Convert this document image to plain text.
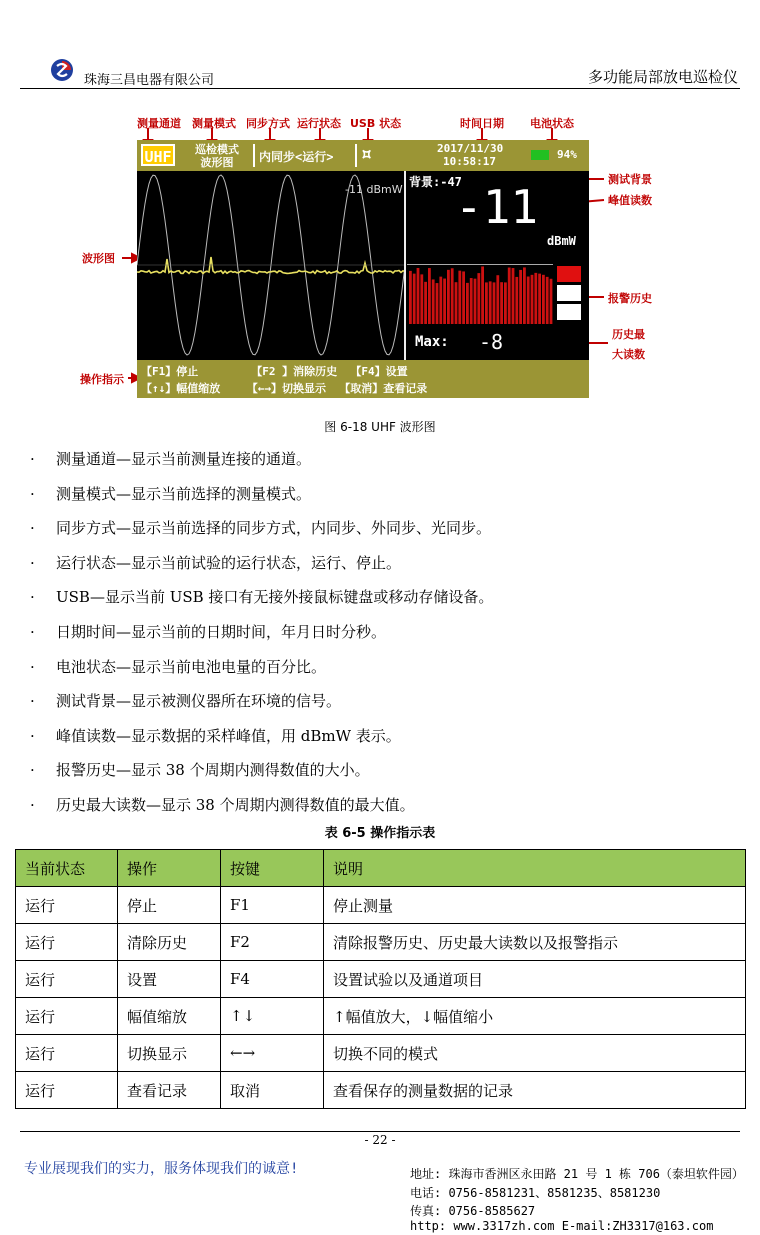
珠海三昌电器有限公司	多功能局部放电巡检仪
测量通道 测量模式 同步方式 运行状态 USB 状态	时间日期 电池状态
测试背景
峰值读数
波形图
报警历史
历史最
大读数
操作指示
UHF	巡检模式
波形图	内同步<运行> ⯏	2017/11/30
10:58:17
94%
-11 dBmW
背景:-47
-11
dBmW
Max: -8
【F1】停止        【F2 】消除历史  【F4】设置
【↑↓】幅值缩放    【←→】切换显示  【取消】查看记录
图 6-18 UHF 波形图
· 测量通道—显示当前测量连接的通道。
· 测量模式—显示当前选择的测量模式。
· 同步方式—显示当前选择的同步方式，内同步、外同步、光同步。
· 运行状态—显示当前试验的运行状态，运行、停止。
· USB—显示当前 USB 接口有无接外接鼠标键盘或移动存储设备。
· 日期时间—显示当前的日期时间，年月日时分秒。
· 电池状态—显示当前电池电量的百分比。
· 测试背景—显示被测仪器所在环境的信号。
· 峰值读数—显示数据的采样峰值，用 dBmW 表示。
· 报警历史—显示 38 个周期内测得数值的大小。
· 历史最大读数—显示 38 个周期内测得数值的最大值。
表 6-5 操作指示表
当前状态	操作	按键	说明
运行	停止	F1	停止测量
运行	清除历史	F2	清除报警历史、历史最大读数以及报警指示
运行	设置	F4	设置试验以及通道项目
运行	幅值缩放	↑↓	↑幅值放大，↓幅值缩小
运行	切换显示	←→	切换不同的模式
运行	查看记录	取消	查看保存的测量数据的记录
- 22 -
专业展现我们的实力，服务体现我们的诚意!	地址: 珠海市香洲区永田路 21 号 1 栋 706（泰坦软件园）
电话: 0756-8581231、8581235、8581230
传真: 0756-8585627
http: www.3317zh.com E-mail:ZH3317@163.com
